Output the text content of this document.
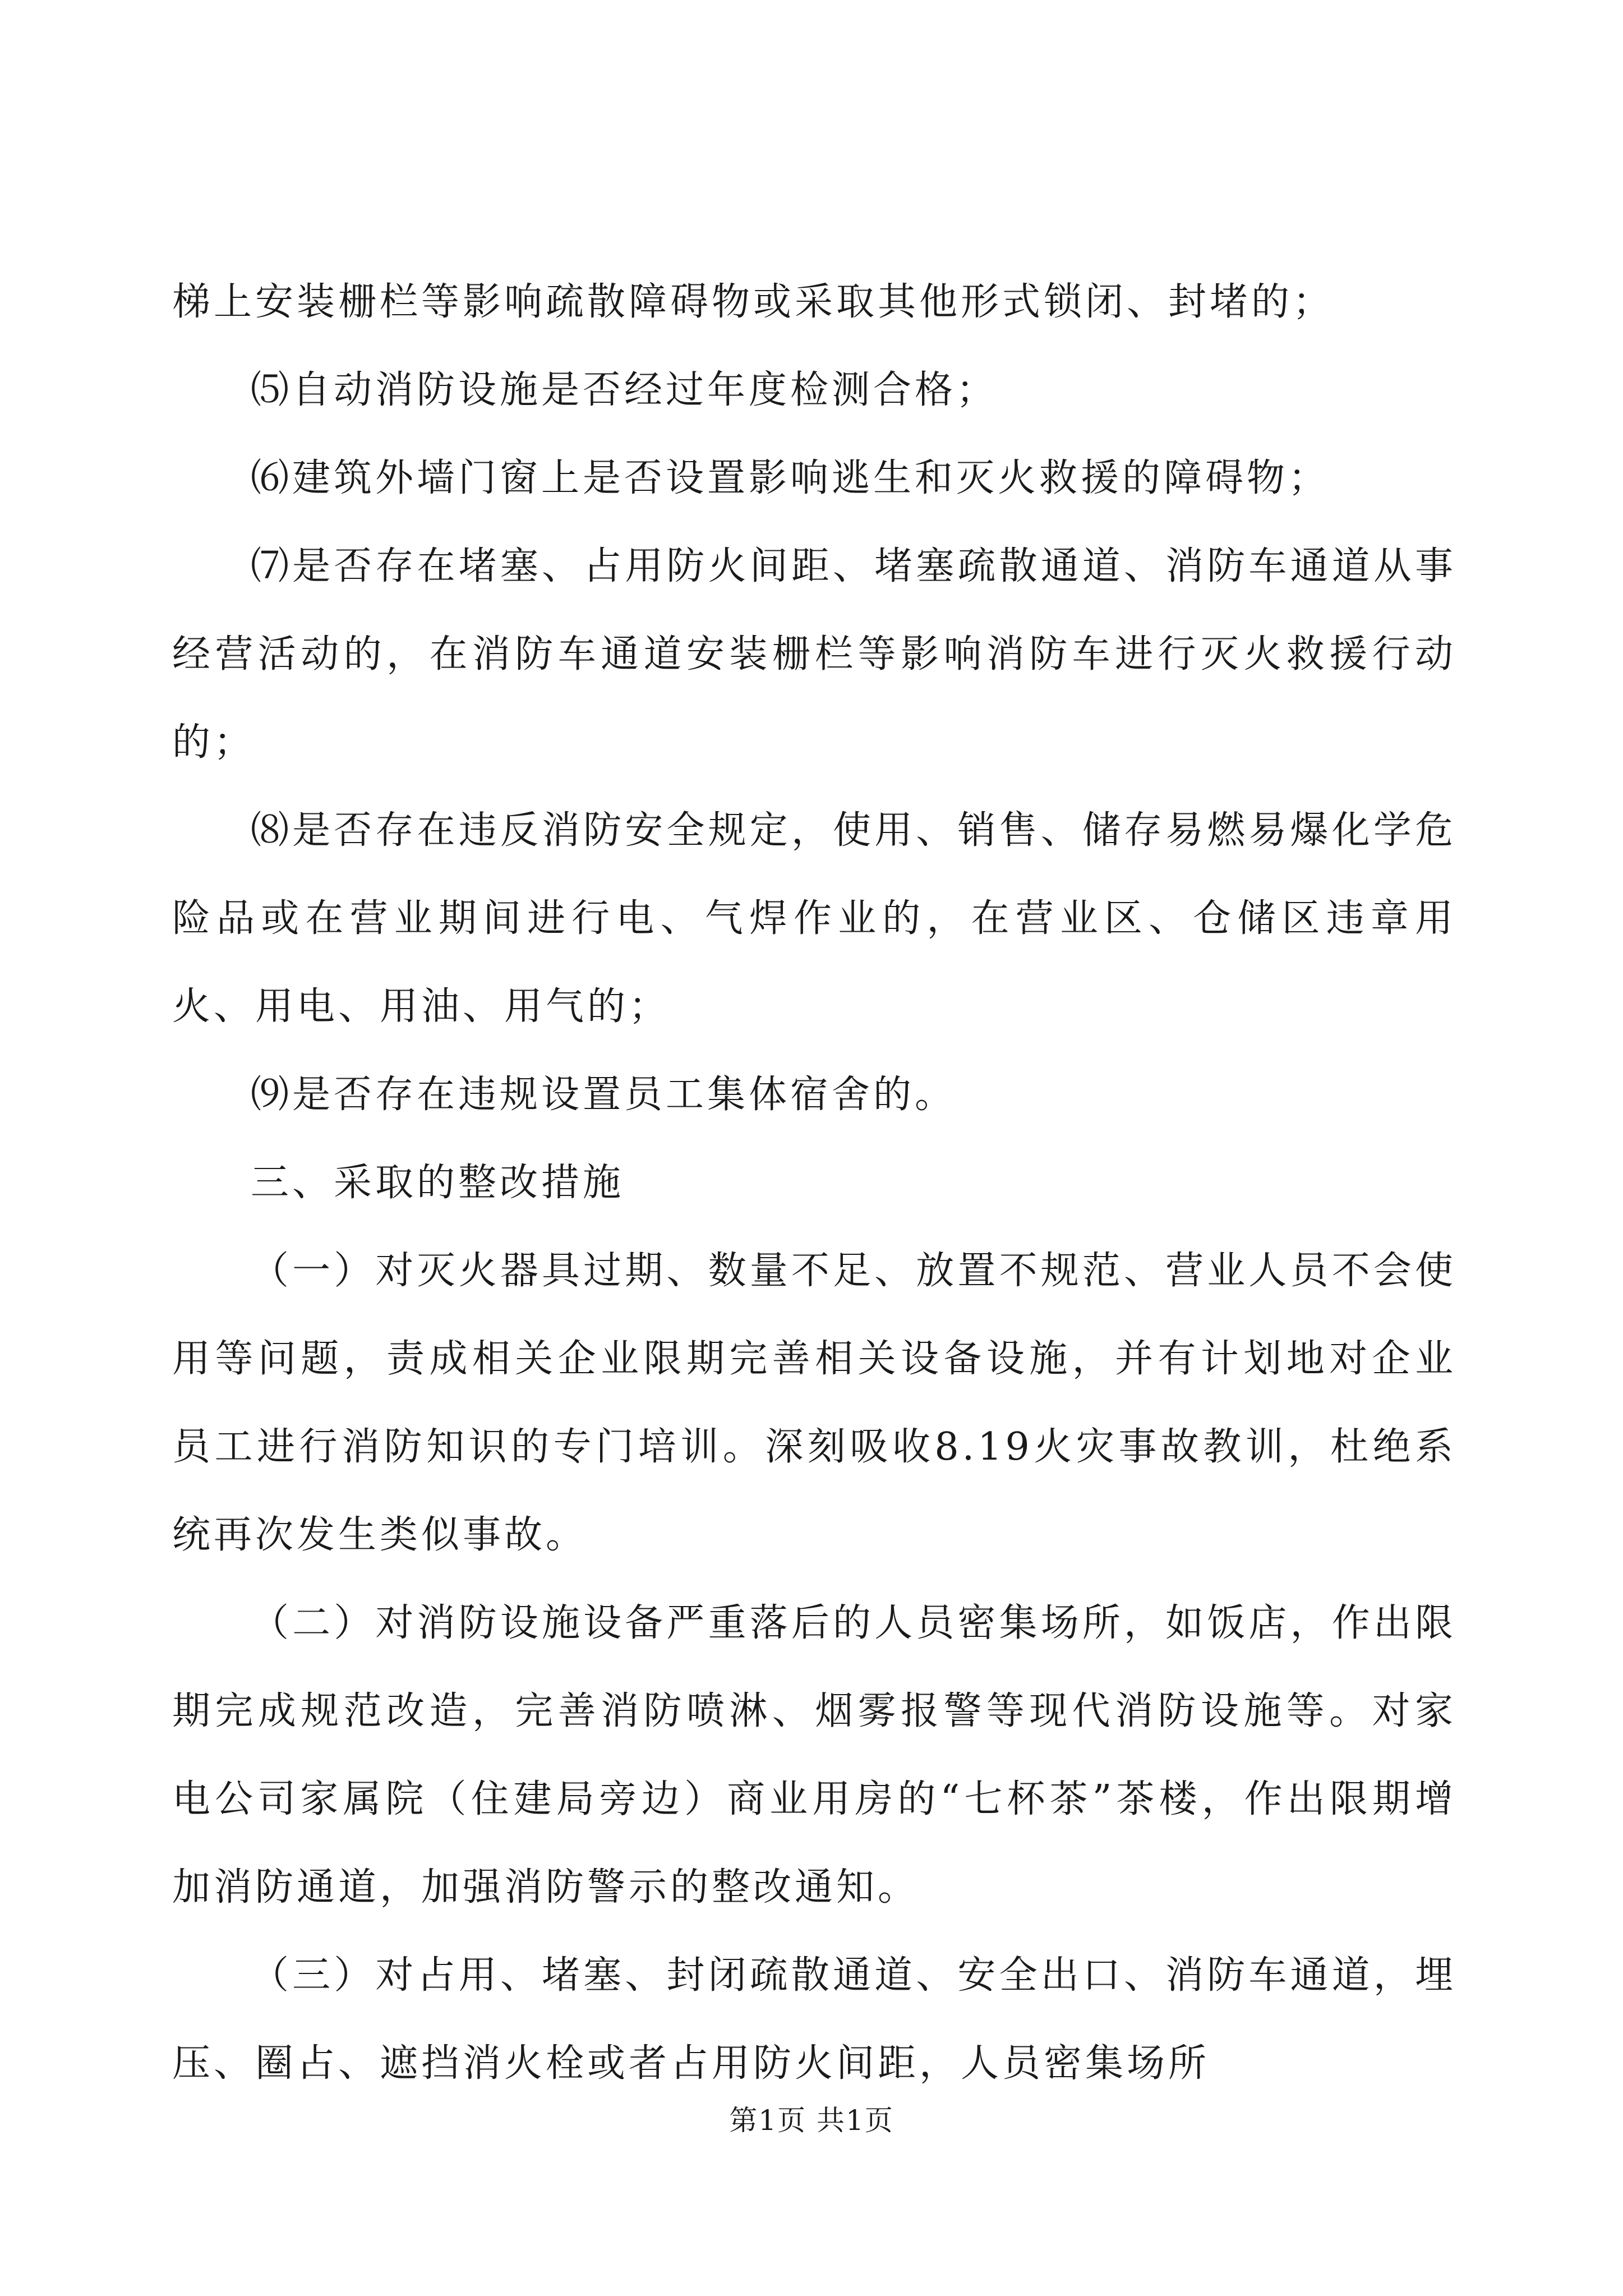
梯上安装栅栏等影响疏散障碍物或采取其他形式锁闭、封堵的；

⑸自动消防设施是否经过年度检测合格；

⑹建筑外墙门窗上是否设置影响逃生和灭火救援的障碍物；

⑺是否存在堵塞、占用防火间距、堵塞疏散通道、消防车通道从事经营活动的，在消防车通道安装栅栏等影响消防车进行灭火救援行动的；

⑻是否存在违反消防安全规定，使用、销售、储存易燃易爆化学危险品或在营业期间进行电、气焊作业的，在营业区、仓储区违章用火、用电、用油、用气的；

⑼是否存在违规设置员工集体宿舍的。

三、采取的整改措施

（一）对灭火器具过期、数量不足、放置不规范、营业人员不会使用等问题，责成相关企业限期完善相关设备设施，并有计划地对企业员工进行消防知识的专门培训。深刻吸收8.19火灾事故教训，杜绝系统再次发生类似事故。

（二）对消防设施设备严重落后的人员密集场所，如饭店，作出限期完成规范改造，完善消防喷淋、烟雾报警等现代消防设施等。对家电公司家属院（住建局旁边）商业用房的“七杯茶”茶楼，作出限期增加消防通道，加强消防警示的整改通知。

（三）对占用、堵塞、封闭疏散通道、安全出口、消防车通道，埋压、圈占、遮挡消火栓或者占用防火间距，人员密集场所

第1页 共1页
